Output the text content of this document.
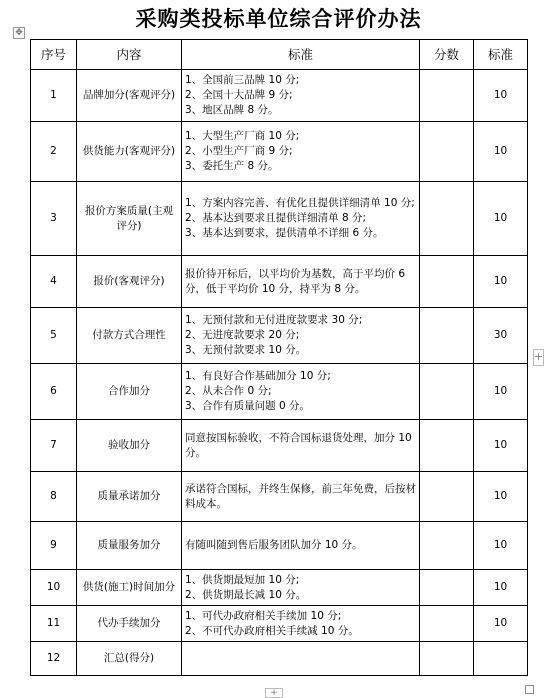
采购类投标单位综合评价办法
✥
序号	内容	标准	分数	标准
1	品牌加分(客观评分)	1、全国前三品牌 10 分;
2、全国十大品牌 9 分;
3、地区品牌 8 分。		10
2	供货能力(客观评分)	1、大型生产厂商 10 分;
2、小型生产厂商 9 分;
3、委托生产 8 分。		10
3	报价方案质量(主观评分)	1、方案内容完善、有优化且提供详细清单 10 分;
2、基本达到要求且提供详细清单 8 分;
3、基本达到要求，提供清单不详细 6 分。		10
4	报价(客观评分)	报价待开标后，以平均价为基数，高于平均价 6 分，低于平均价 10 分，持平为 8 分。		10
5	付款方式合理性	1、无预付款和无付进度款要求 30 分;
2、无进度款要求 20 分;
3、无预付款要求 10 分。		30
6	合作加分	1、有良好合作基础加分 10 分;
2、从未合作 0 分;
3、合作有质量问题 0 分。		10
7	验收加分	同意按国标验收，不符合国标退货处理，加分 10 分。		10
8	质量承诺加分	承诺符合国标，并终生保修，前三年免费，后按材料成本。		10
9	质量服务加分	有随叫随到售后服务团队加分 10 分。		10
10	供货(施工)时间加分	1、供货期最短加 10 分;
2、供货期最长减 10 分。		10
11	代办手续加分	1、可代办政府相关手续加 10 分;
2、不可代办政府相关手续减 10 分。		10
12	汇总(得分)			
+
+
